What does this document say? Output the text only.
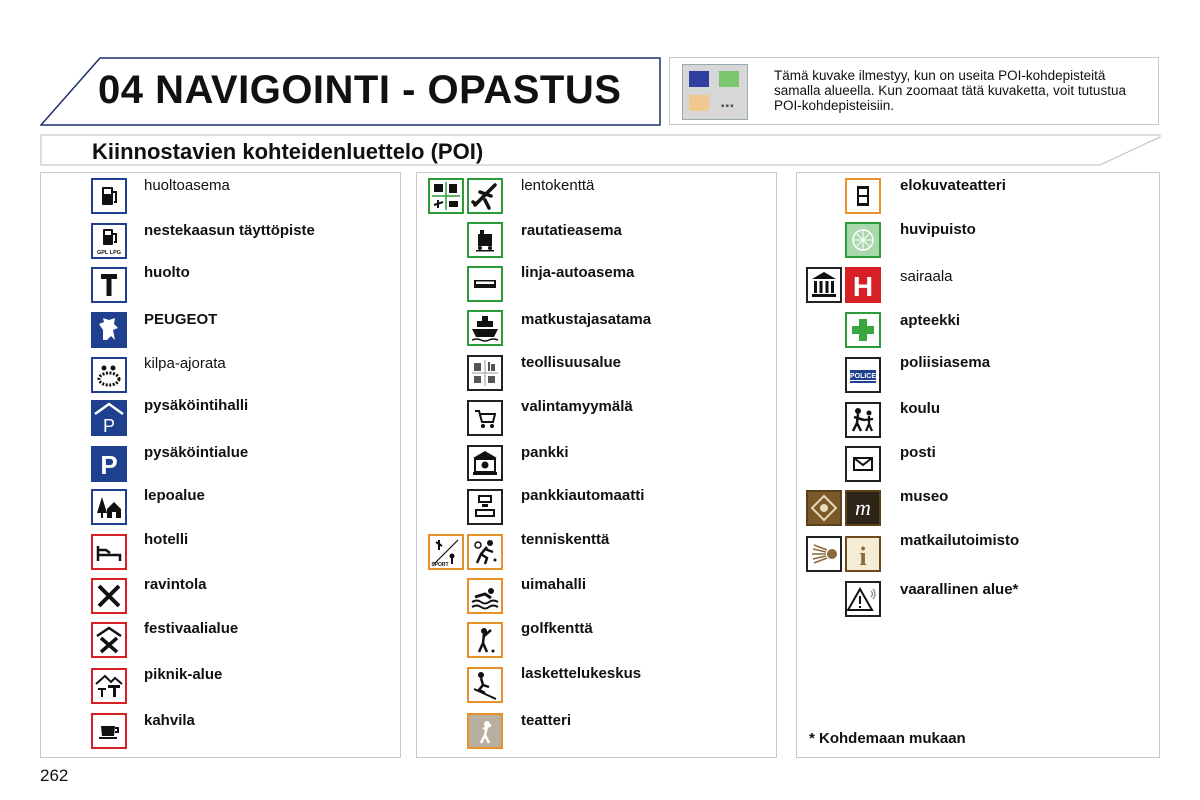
04 NAVIGOINTI - OPASTUS	▪▪▪
Tämä kuvake ilmestyy, kun on useita POI-kohdepisteitä samalla alueella. Kun zoomaat tätä kuvaketta, voit tutustua POI-kohdepisteisiin.
Kiinnostavien kohteidenluettelo (POI)
huoltoasema
GPL LPG
nestekaasun täyttöpiste
huolto
PEUGEOT
kilpa-ajorata
P
pysäköintihalli
P pysäköintialue
lepoalue
hotelli
ravintola
festivaalialue
piknik-alue
kahvila
lentokenttä
rautatieasema
linja-autoasema
matkustajasatama
teollisuusalue
valintamyymälä
pankki
pankkiautomaatti
SPORT
tenniskenttä
uimahalli
golfkenttä
laskettelukeskus
teatteri
elokuvateatteri
huvipuisto
H sairaala
apteekki
POLICE
poliisiasema
koulu
posti
m museo
i
matkailutoimisto
vaarallinen alue*
* Kohdemaan mukaan
262
